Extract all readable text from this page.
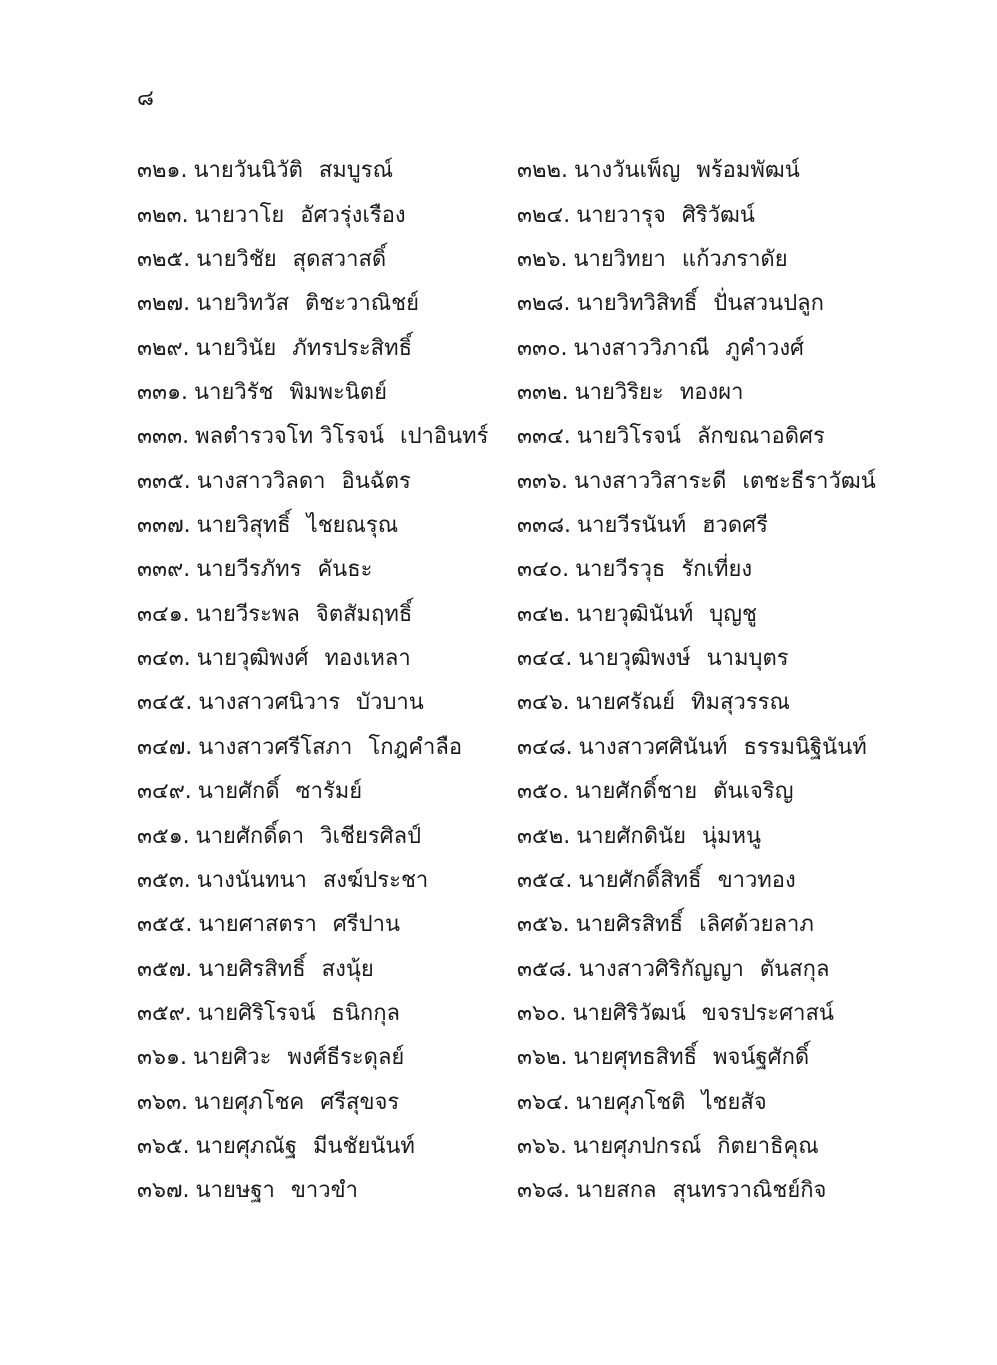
๘
๓๒๑. นายวันนิวัติ สมบูรณ์	๓๒๒. นางวันเพ็ญ พร้อมพัฒน์
๓๒๓. นายวาโย อัศวรุ่งเรือง	๓๒๔. นายวารุจ ศิริวัฒน์
๓๒๕. นายวิชัย สุดสวาสดิ์	๓๒๖. นายวิทยา แก้วภราดัย
๓๒๗. นายวิทวัส ติชะวาณิชย์	๓๒๘. นายวิทวิสิทธิ์ ปั่นสวนปลูก
๓๒๙. นายวินัย ภัทรประสิทธิ์	๓๓๐. นางสาววิภาณี ภูคำวงศ์
๓๓๑. นายวิรัช พิมพะนิตย์	๓๓๒. นายวิริยะ ทองผา
๓๓๓. พลตำรวจโท วิโรจน์ เปาอินทร์ ๓๓๔. นายวิโรจน์ ลักขณาอดิศร
๓๓๕. นางสาววิลดา อินฉัตร	๓๓๖. นางสาววิสาระดี เตชะธีราวัฒน์
๓๓๗. นายวิสุทธิ์ ไชยณรุณ	๓๓๘. นายวีรนันท์ ฮวดศรี
๓๓๙. นายวีรภัทร คันธะ	๓๔๐. นายวีรวุธ รักเที่ยง
๓๔๑. นายวีระพล จิตสัมฤทธิ์	๓๔๒. นายวุฒินันท์ บุญชู
๓๔๓. นายวุฒิพงศ์ ทองเหลา	๓๔๔. นายวุฒิพงษ์ นามบุตร
๓๔๕. นางสาวศนิวาร บัวบาน	๓๔๖. นายศรัณย์ ทิมสุวรรณ
๓๔๗. นางสาวศรีโสภา โกฎคำลือ ๓๔๘. นางสาวศศินันท์ ธรรมนิฐินันท์
๓๔๙. นายศักดิ์ ซารัมย์	๓๕๐. นายศักดิ์ชาย ตันเจริญ
๓๕๑. นายศักดิ์ดา วิเชียรศิลป์	๓๕๒. นายศักดินัย นุ่มหนู
๓๕๓. นางนันทนา สงฆ์ประชา	๓๕๔. นายศักดิ์สิทธิ์ ขาวทอง
๓๕๕. นายศาสตรา ศรีปาน	๓๕๖. นายศิรสิทธิ์ เลิศด้วยลาภ
๓๕๗. นายศิรสิทธิ์ สงนุ้ย	๓๕๘. นางสาวศิริกัญญา ตันสกุล
๓๕๙. นายศิริโรจน์ ธนิกกุล	๓๖๐. นายศิริวัฒน์ ขจรประศาสน์
๓๖๑. นายศิวะ พงศ์ธีระดุลย์	๓๖๒. นายศุทธสิทธิ์ พจน์ฐศักดิ์
๓๖๓. นายศุภโชค ศรีสุขจร	๓๖๔. นายศุภโชติ ไชยสัจ
๓๖๕. นายศุภณัฐ มีนชัยนันท์	๓๖๖. นายศุภปกรณ์ กิตยาธิคุณ
๓๖๗. นายษฐา ขาวขำ	๓๖๘. นายสกล สุนทรวาณิชย์กิจ
